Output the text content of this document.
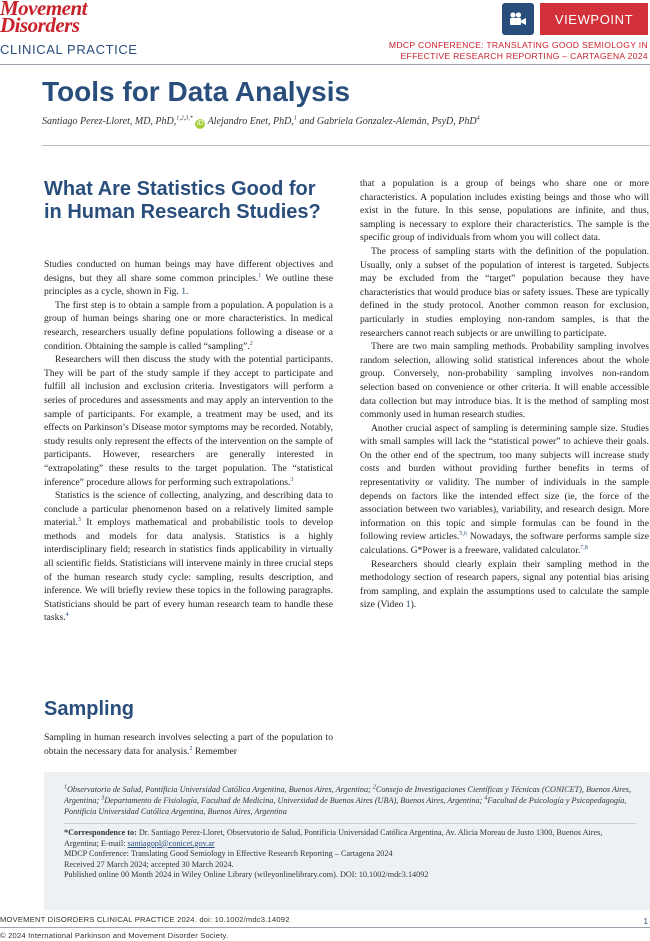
Movement
Disorders	VIEWPOINT
CLINICAL PRACTICE	MDCP CONFERENCE: TRANSLATING GOOD SEMIOLOGY IN
EFFECTIVE RESEARCH REPORTING – CARTAGENA 2024
Tools for Data Analysis
Santiago Perez-Lloret, MD, PhD,$^{1,2,3,*}$ iD Alejandro Enet, PhD,$^1$ and Gabriela Gonzalez-Alemán, PsyD, PhD$^4$
What Are Statistics Good for in Human Research Studies?

Studies conducted on human beings may have different objectives and designs, but they all share some common principles.$^1$ We outline these principles as a cycle, shown in Fig. 1.

The first step is to obtain a sample from a population. A population is a group of human beings sharing one or more characteristics. In medical research, researchers usually define populations following a disease or a condition. Obtaining the sample is called “sampling”.$^2$

Researchers will then discuss the study with the potential participants. They will be part of the study sample if they accept to participate and fulfill all inclusion and exclusion criteria. Investigators will perform a series of procedures and assessments and may apply an intervention to the sample of participants. For example, a treatment may be used, and its effects on Parkinson’s Disease motor symptoms may be recorded. Notably, study results only represent the effects of the intervention on the sample of participants. However, researchers are generally interested in “extrapolating” these results to the target population. The “statistical inference” procedure allows for performing such extrapolations.$^3$

Statistics is the science of collecting, analyzing, and describing data to conclude a particular phenomenon based on a relatively limited sample material.$^3$ It employs mathematical and probabilistic tools to develop methods and models for data analysis. Statistics is a highly interdisciplinary field; research in statistics finds applicability in virtually all scientific fields. Statisticians will intervene mainly in three crucial steps of the human research study cycle: sampling, results description, and inference. We will briefly review these topics in the following paragraphs. Statisticians should be part of every human research team to handle these tasks.$^4$

Sampling

Sampling in human research involves selecting a part of the population to obtain the necessary data for analysis.$^2$ Remember

that a population is a group of beings who share one or more characteristics. A population includes existing beings and those who will exist in the future. In this sense, populations are infinite, and thus, sampling is necessary to explore their characteristics. The sample is the specific group of individuals from whom you will collect data.

The process of sampling starts with the definition of the population. Usually, only a subset of the population of interest is targeted. Subjects may be excluded from the “target” population because they have characteristics that would produce bias or safety issues. These are typically defined in the study protocol. Another common reason for exclusion, particularly in studies employing non-random samples, is that the researchers cannot reach subjects or are unwilling to participate.

There are two main sampling methods. Probability sampling involves random selection, allowing solid statistical inferences about the whole group. Conversely, non-probability sampling involves non-random selection based on convenience or other criteria. It will enable accessible data collection but may introduce bias. It is the method of sampling most commonly used in human research studies.

Another crucial aspect of sampling is determining sample size. Studies with small samples will lack the “statistical power” to achieve their goals. On the other end of the spectrum, too many subjects will increase study costs and burden without providing further benefits in terms of representativity or validity. The number of individuals in the sample depends on factors like the intended effect size (ie, the force of the association between two variables), variability, and research design. More information on this topic and simple formulas can be found in the following review articles.$^{5,6}$ Nowadays, the software performs sample size calculations. G*Power is a freeware, validated calculator.$^{7,8}$

Researchers should clearly explain their sampling method in the methodology section of research papers, signal any potential bias arising from sampling, and explain the assumptions used to calculate the sample size (Video 1).

$^1$Observatorio de Salud, Pontificia Universidad Católica Argentina, Buenos Aires, Argentina; $^2$Consejo de Investigaciones Científicas y Técnicas (CONICET), Buenos Aires, Argentina; $^3$Departamento de Fisiología, Facultad de Medicina, Universidad de Buenos Aires (UBA), Buenos Aires, Argentina; $^4$Facultad de Psicología y Psicopedagogía, Pontificia Universidad Católica Argentina, Buenos Aires, Argentina
*Correspondence to: Dr. Santiago Perez-Lloret, Observatorio de Salud, Pontificia Universidad Católica Argentina, Av. Alicia Moreau de Justo 1300, Buenos Aires, Argentina; E-mail: santiagopl@conicet.gov.ar
MDCP Conference: Translating Good Semiology in Effective Research Reporting – Cartagena 2024
Received 27 March 2024; accepted 30 March 2024.
Published online 00 Month 2024 in Wiley Online Library (wileyonlinelibrary.com). DOI: 10.1002/mdc3.14092
MOVEMENT DISORDERS CLINICAL PRACTICE 2024. doi: 10.1002/mdc3.14092	1
© 2024 International Parkinson and Movement Disorder Society.
